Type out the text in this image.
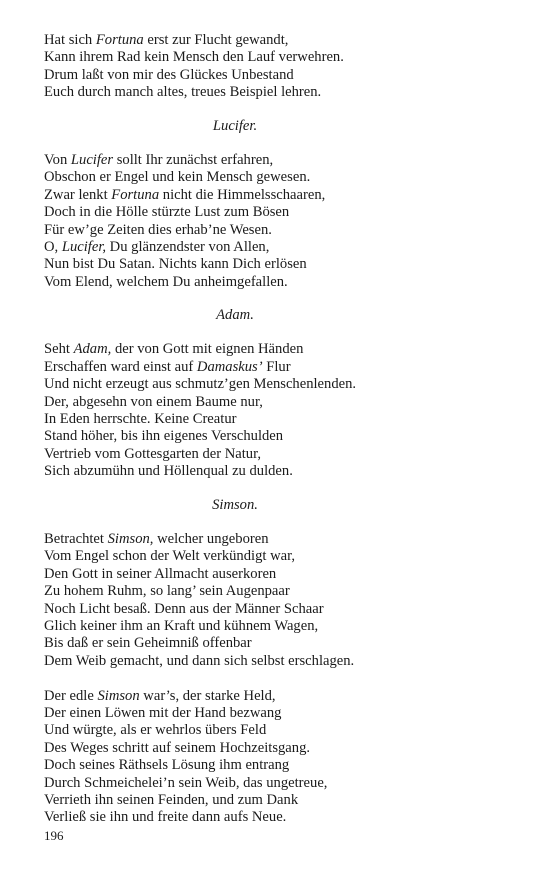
Hat sich Fortuna erst zur Flucht gewandt,
Kann ihrem Rad kein Mensch den Lauf verwehren.
Drum laßt von mir des Glückes Unbestand
Euch durch manch altes, treues Beispiel lehren.
Lucifer.
Von Lucifer sollt Ihr zunächst erfahren,
Obschon er Engel und kein Mensch gewesen.
Zwar lenkt Fortuna nicht die Himmelsschaaren,
Doch in die Hölle stürzte Lust zum Bösen
Für ew’ge Zeiten dies erhab’ne Wesen.
O, Lucifer, Du glänzendster von Allen,
Nun bist Du Satan. Nichts kann Dich erlösen
Vom Elend, welchem Du anheimgefallen.
Adam.
Seht Adam, der von Gott mit eignen Händen
Erschaffen ward einst auf Damaskus’ Flur
Und nicht erzeugt aus schmutz’gen Menschenlenden.
Der, abgesehn von einem Baume nur,
In Eden herrschte. Keine Creatur
Stand höher, bis ihn eigenes Verschulden
Vertrieb vom Gottesgarten der Natur,
Sich abzumühn und Höllenqual zu dulden.
Simson.
Betrachtet Simson, welcher ungeboren
Vom Engel schon der Welt verkündigt war,
Den Gott in seiner Allmacht auserkoren
Zu hohem Ruhm, so lang’ sein Augenpaar
Noch Licht besaß. Denn aus der Männer Schaar
Glich keiner ihm an Kraft und kühnem Wagen,
Bis daß er sein Geheimniß offenbar
Dem Weib gemacht, und dann sich selbst erschlagen.
Der edle Simson war’s, der starke Held,
Der einen Löwen mit der Hand bezwang
Und würgte, als er wehrlos übers Feld
Des Weges schritt auf seinem Hochzeitsgang.
Doch seines Räthsels Lösung ihm entrang
Durch Schmeichelei’n sein Weib, das ungetreue,
Verrieth ihn seinen Feinden, und zum Dank
Verließ sie ihn und freite dann aufs Neue.
196
